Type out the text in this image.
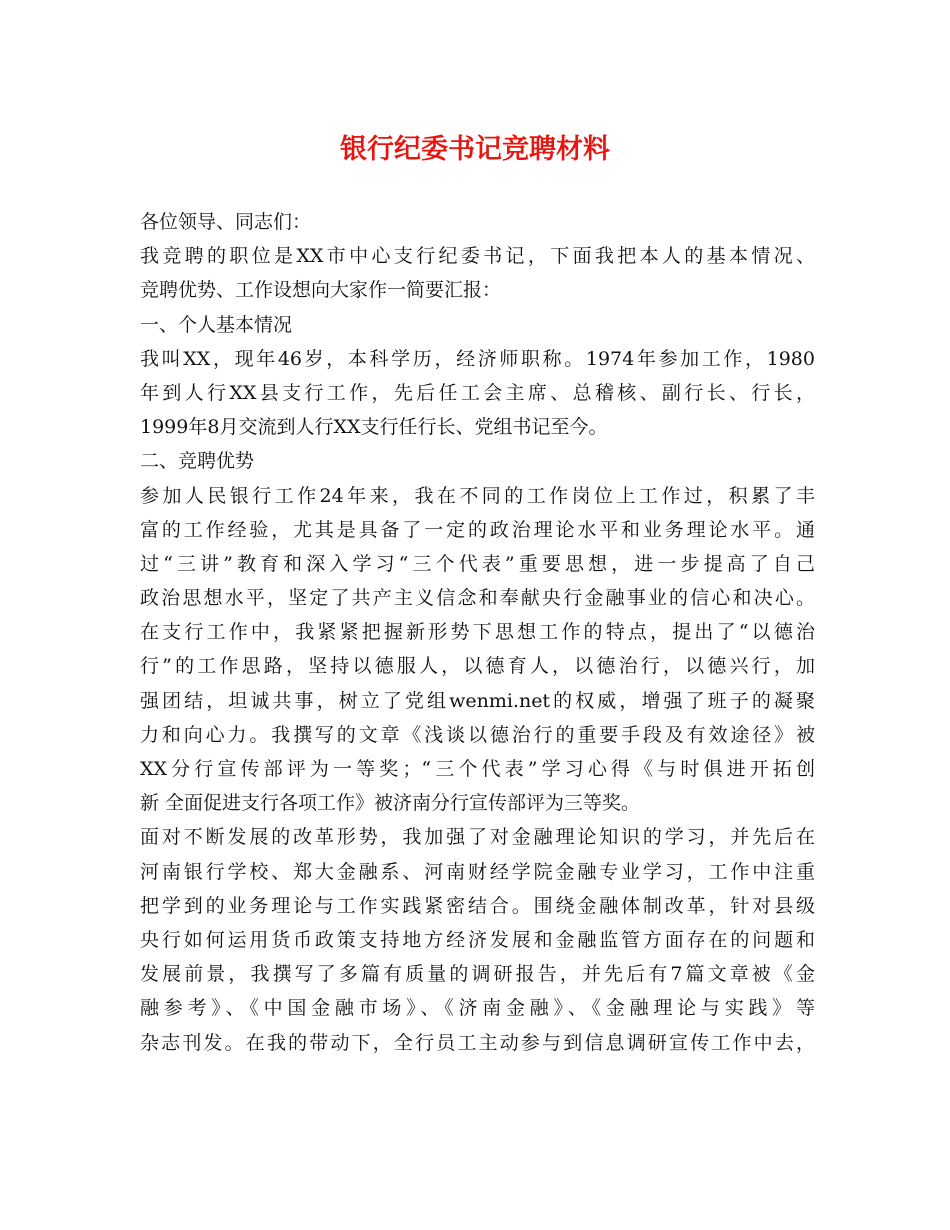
银行纪委书记竞聘材料
各位领导、同志们：
我竞聘的职位是XX市中心支行纪委书记，下面我把本人的基本情况、
竞聘优势、工作设想向大家作一简要汇报：
一、个人基本情况
我叫XX，现年46岁，本科学历，经济师职称。1974年参加工作，1980
年到人行XX县支行工作，先后任工会主席、总稽核、副行长、行长，
1999年8月交流到人行XX支行任行长、党组书记至今。
二、竞聘优势
参加人民银行工作24年来，我在不同的工作岗位上工作过，积累了丰
富的工作经验，尤其是具备了一定的政治理论水平和业务理论水平。通
过“三讲”教育和深入学习“三个代表”重要思想，进一步提高了自己
政治思想水平，坚定了共产主义信念和奉献央行金融事业的信心和决心。
在支行工作中，我紧紧把握新形势下思想工作的特点，提出了“以德治
行”的工作思路，坚持以德服人，以德育人，以德治行，以德兴行，加
强团结，坦诚共事，树立了党组wenmi.net的权威，增强了班子的凝聚
力和向心力。我撰写的文章《浅谈以德治行的重要手段及有效途径》被
XX分行宣传部评为一等奖；“三个代表”学习心得《与时俱进开拓创
新 全面促进支行各项工作》被济南分行宣传部评为三等奖。
面对不断发展的改革形势，我加强了对金融理论知识的学习，并先后在
河南银行学校、郑大金融系、河南财经学院金融专业学习，工作中注重
把学到的业务理论与工作实践紧密结合。围绕金融体制改革，针对县级
央行如何运用货币政策支持地方经济发展和金融监管方面存在的问题和
发展前景，我撰写了多篇有质量的调研报告，并先后有7篇文章被《金
融参考》、《中国金融市场》、《济南金融》、《金融理论与实践》等
杂志刊发。在我的带动下，全行员工主动参与到信息调研宣传工作中去，
